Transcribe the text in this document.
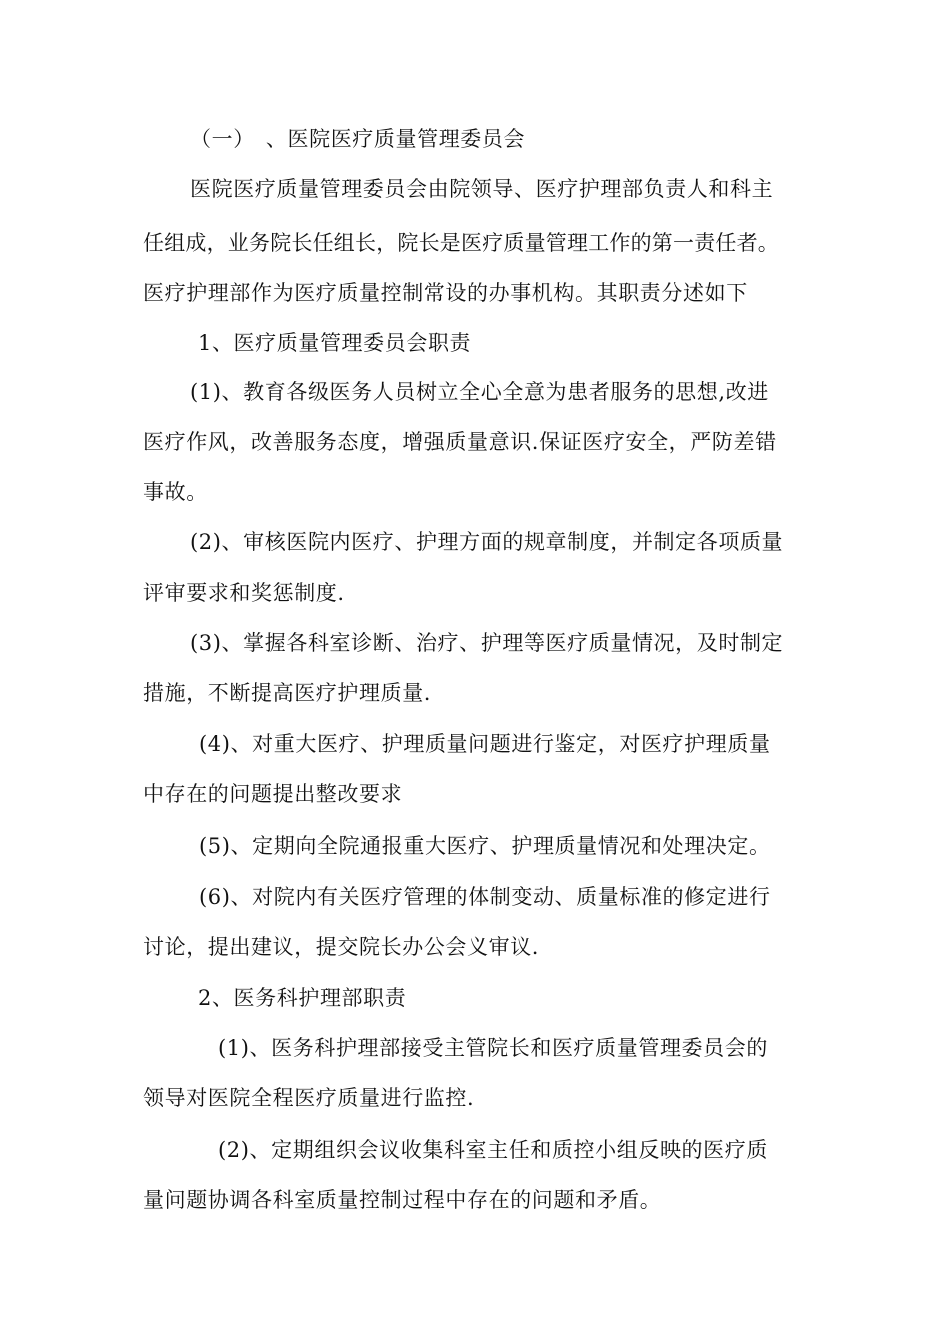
（一）　、医院医疗质量管理委员会
医院医疗质量管理委员会由院领导、医疗护理部负责人和科主
任组成，业务院长任组长，院长是医疗质量管理工作的第一责任者。
医疗护理部作为医疗质量控制常设的办事机构。其职责分述如下
1、医疗质量管理委员会职责
(1)、教育各级医务人员树立全心全意为患者服务的思想,改进
医疗作风，改善服务态度，增强质量意识.保证医疗安全，严防差错
事故。
(2)、审核医院内医疗、护理方面的规章制度，并制定各项质量
评审要求和奖惩制度.
(3)、掌握各科室诊断、治疗、护理等医疗质量情况，及时制定
措施，不断提高医疗护理质量.
(4)、对重大医疗、护理质量问题进行鉴定，对医疗护理质量
中存在的问题提出整改要求
(5)、定期向全院通报重大医疗、护理质量情况和处理决定。
(6)、对院内有关医疗管理的体制变动、质量标准的修定进行
讨论，提出建议，提交院长办公会义审议.
2、医务科护理部职责
(1)、医务科护理部接受主管院长和医疗质量管理委员会的
领导对医院全程医疗质量进行监控.
(2)、定期组织会议收集科室主任和质控小组反映的医疗质
量问题协调各科室质量控制过程中存在的问题和矛盾。
